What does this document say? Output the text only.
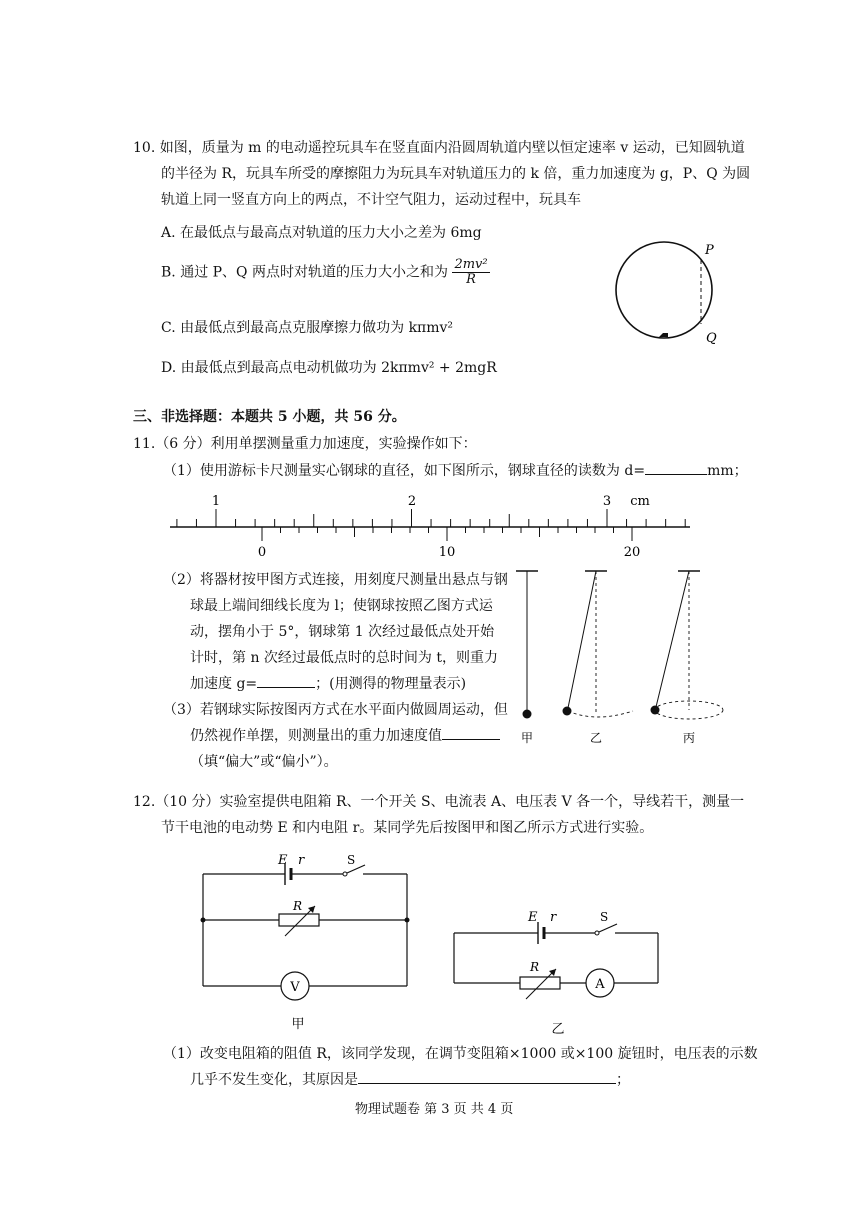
10. 如图，质量为 m 的电动遥控玩具车在竖直面内沿圆周轨道内壁以恒定速率 v 运动，已知圆轨道
的半径为 R，玩具车所受的摩擦阻力为玩具车对轨道压力的 k 倍，重力加速度为 g，P、Q 为圆
轨道上同一竖直方向上的两点，不计空气阻力，运动过程中，玩具车
A. 在最低点与最高点对轨道的压力大小之差为 6mg
B. 通过 P、Q 两点时对轨道的压力大小之和为 $\frac{\text{2mv²}}{R}$
C. 由最低点到最高点克服摩擦力做功为 kπmv²
D. 由最低点到最高点电动机做功为 2kπmv² + 2mgR
P
Q
三、非选择题：本题共 5 小题，共 56 分。
11.（6 分）利用单摆测量重力加速度，实验操作如下：
（1）使用游标卡尺测量实心钢球的直径，如下图所示，钢球直径的读数为 d=	mm；
1	2	3 cm
0	10	20
（2）将器材按甲图方式连接，用刻度尺测量出悬点与钢
球最上端间细线长度为 l；使钢球按照乙图方式运
动，摆角小于 5°，钢球第 1 次经过最低点处开始
计时，第 n 次经过最低点时的总时间为 t，则重力
加速度 g=	；(用测得的物理量表示)
（3）若钢球实际按图丙方式在水平面内做圆周运动，但
仍然视作单摆，则测量出的重力加速度值
（填“偏大”或“偏小”）。
甲	乙	丙
12.（10 分）实验室提供电阻箱 R、一个开关 S、电流表 A、电压表 V 各一个，导线若干，测量一
节干电池的电动势 E 和内电阻 r。某同学先后按图甲和图乙所示方式进行实验。
E r	S
R
V
甲
E r	S
R
A
乙
（1）改变电阻箱的阻值 R，该同学发现，在调节变阻箱×1000 或×100 旋钮时，电压表的示数
几乎不发生变化，其原因是	；
物理试题卷 第 3 页 共 4 页
